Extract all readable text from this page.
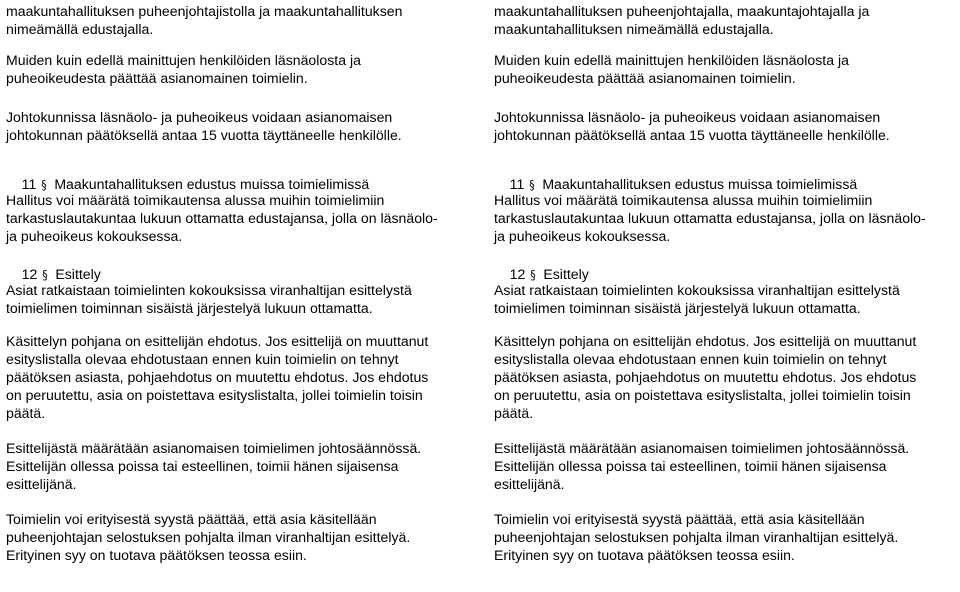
maakuntahallituksen puheenjohtajistolla ja maakuntahallituksen
nimeämällä edustajalla.

Muiden kuin edellä mainittujen henkilöiden läsnäolosta ja
puheoikeudesta päättää asianomainen toimielin.

Johtokunnissa läsnäolo- ja puheoikeus voidaan asianomaisen
johtokunnan päätöksellä antaa 15 vuotta täyttäneelle henkilölle.

11 § Maakuntahallituksen edustus muissa toimielimissä

Hallitus voi määrätä toimikautensa alussa muihin toimielimiin
tarkastuslautakuntaa lukuun ottamatta edustajansa, jolla on läsnäolo-
ja puheoikeus kokouksessa.

12 § Esittely

Asiat ratkaistaan toimielinten kokouksissa viranhaltijan esittelystä
toimielimen toiminnan sisäistä järjestelyä lukuun ottamatta.

Käsittelyn pohjana on esittelijän ehdotus. Jos esittelijä on muuttanut
esityslistalla olevaa ehdotustaan ennen kuin toimielin on tehnyt
päätöksen asiasta, pohjaehdotus on muutettu ehdotus. Jos ehdotus
on peruutettu, asia on poistettava esityslistalta, jollei toimielin toisin
päätä.

Esittelijästä määrätään asianomaisen toimielimen johtosäännössä.
Esittelijän ollessa poissa tai esteellinen, toimii hänen sijaisensa
esittelijänä.

Toimielin voi erityisestä syystä päättää, että asia käsitellään
puheenjohtajan selostuksen pohjalta ilman viranhaltijan esittelyä.
Erityinen syy on tuotava päätöksen teossa esiin.

maakuntahallituksen puheenjohtajalla, maakuntajohtajalla ja
maakuntahallituksen nimeämällä edustajalla.

Muiden kuin edellä mainittujen henkilöiden läsnäolosta ja
puheoikeudesta päättää asianomainen toimielin.

Johtokunnissa läsnäolo- ja puheoikeus voidaan asianomaisen
johtokunnan päätöksellä antaa 15 vuotta täyttäneelle henkilölle.

11 § Maakuntahallituksen edustus muissa toimielimissä

Hallitus voi määrätä toimikautensa alussa muihin toimielimiin
tarkastuslautakuntaa lukuun ottamatta edustajansa, jolla on läsnäolo-
ja puheoikeus kokouksessa.

12 § Esittely

Asiat ratkaistaan toimielinten kokouksissa viranhaltijan esittelystä
toimielimen toiminnan sisäistä järjestelyä lukuun ottamatta.

Käsittelyn pohjana on esittelijän ehdotus. Jos esittelijä on muuttanut
esityslistalla olevaa ehdotustaan ennen kuin toimielin on tehnyt
päätöksen asiasta, pohjaehdotus on muutettu ehdotus. Jos ehdotus
on peruutettu, asia on poistettava esityslistalta, jollei toimielin toisin
päätä.

Esittelijästä määrätään asianomaisen toimielimen johtosäännössä.
Esittelijän ollessa poissa tai esteellinen, toimii hänen sijaisensa
esittelijänä.

Toimielin voi erityisestä syystä päättää, että asia käsitellään
puheenjohtajan selostuksen pohjalta ilman viranhaltijan esittelyä.
Erityinen syy on tuotava päätöksen teossa esiin.
